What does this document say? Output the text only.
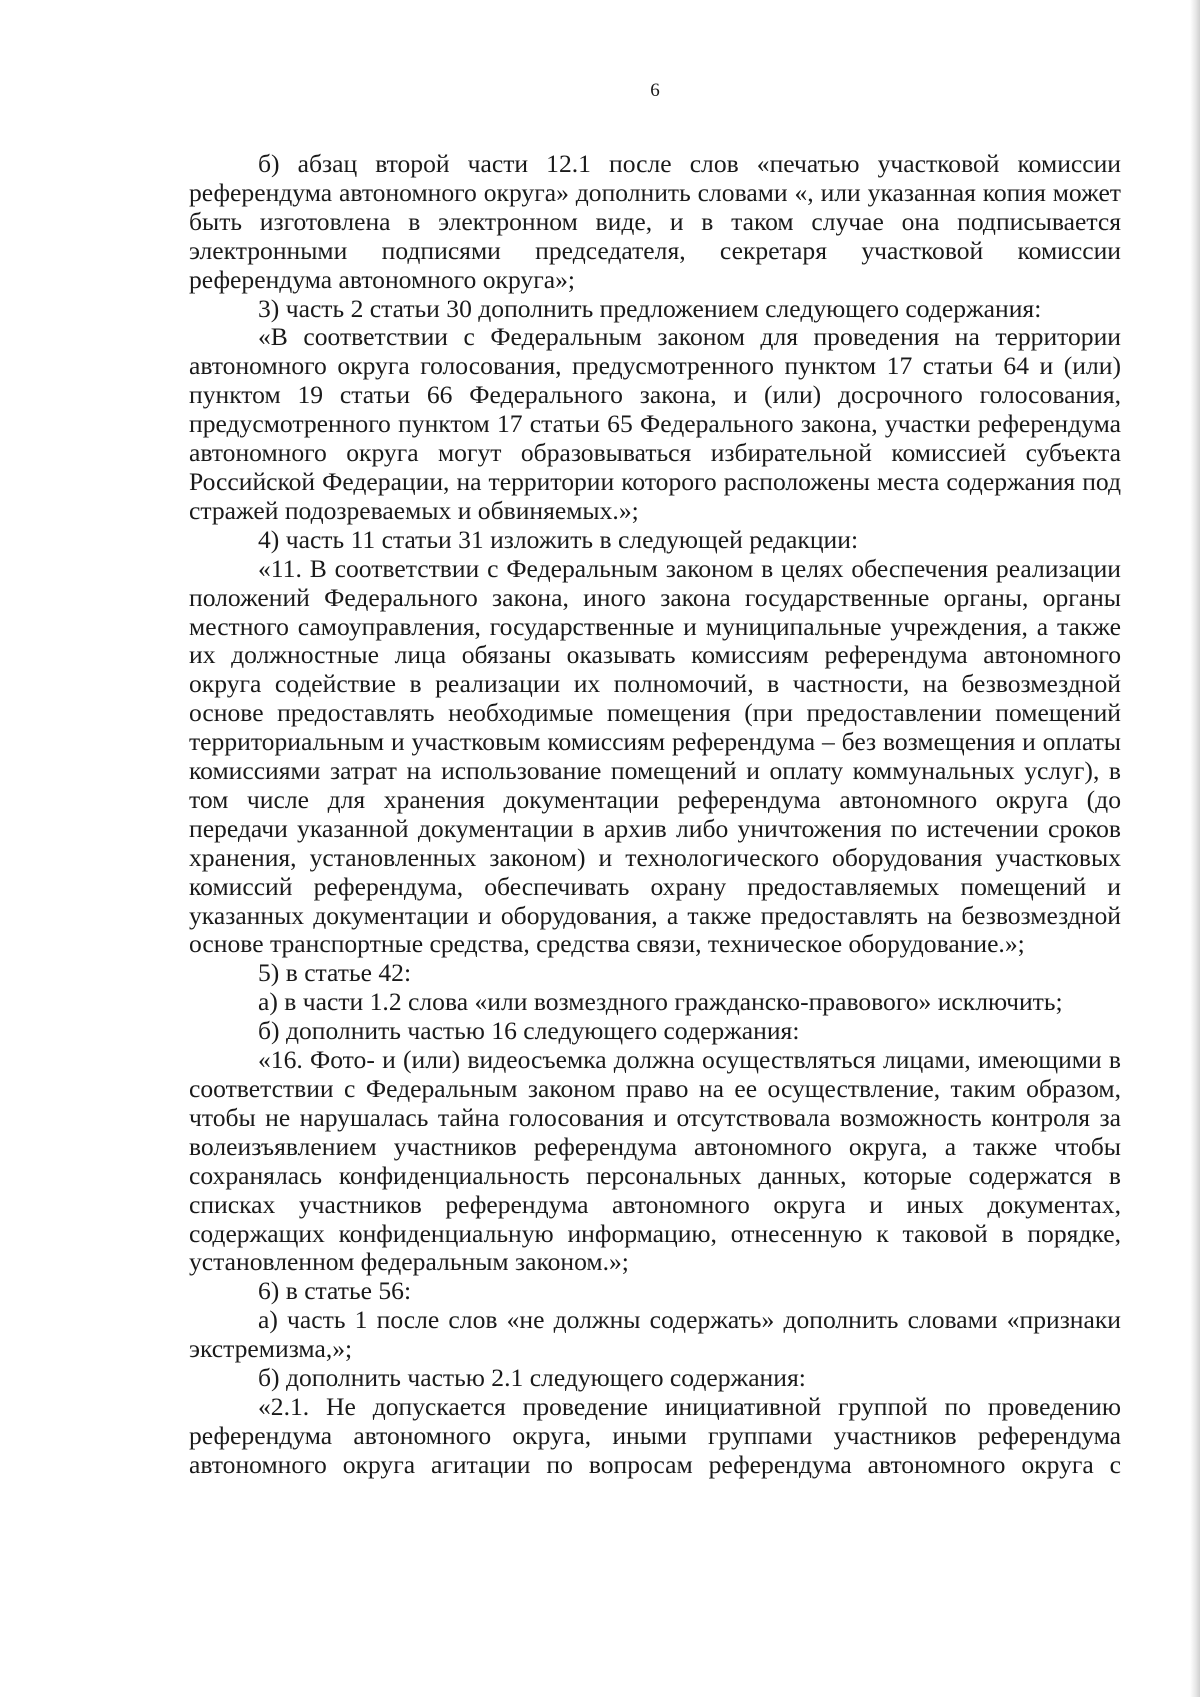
6

б) абзац второй части 12.1 после слов «печатью участковой комиссии референдума автономного округа» дополнить словами «, или указанная копия может быть изготовлена в электронном виде, и в таком случае она подписывается электронными подписями председателя, секретаря участковой комиссии референдума автономного округа»;

3) часть 2 статьи 30 дополнить предложением следующего содержания:

«В соответствии с Федеральным законом для проведения на территории автономного округа голосования, предусмотренного пунктом 17 статьи 64 и (или) пунктом 19 статьи 66 Федерального закона, и (или) досрочного голосования, предусмотренного пунктом 17 статьи 65 Федерального закона, участки референдума автономного округа могут образовываться избирательной комиссией субъекта Российской Федерации, на территории которого расположены места содержания под стражей подозреваемых и обвиняемых.»;

4) часть 11 статьи 31 изложить в следующей редакции:

«11. В соответствии с Федеральным законом в целях обеспечения реализации положений Федерального закона, иного закона государственные органы, органы местного самоуправления, государственные и муниципальные учреждения, а также их должностные лица обязаны оказывать комиссиям референдума автономного округа содействие в реализации их полномочий, в частности, на безвозмездной основе предоставлять необходимые помещения (при предоставлении помещений территориальным и участковым комиссиям референдума – без возмещения и оплаты комиссиями затрат на использование помещений и оплату коммунальных услуг), в том числе для хранения документации референдума автономного округа (до передачи указанной документации в архив либо уничтожения по истечении сроков хранения, установленных законом) и технологического оборудования участковых комиссий референдума, обеспечивать охрану предоставляемых помещений и указанных документации и оборудования, а также предоставлять на безвозмездной основе транспортные средства, средства связи, техническое оборудование.»;

5) в статье 42:

а) в части 1.2 слова «или возмездного гражданско-правового» исключить;

б) дополнить частью 16 следующего содержания:

«16. Фото- и (или) видеосъемка должна осуществляться лицами, имеющими в соответствии с Федеральным законом право на ее осуществление, таким образом, чтобы не нарушалась тайна голосования и отсутствовала возможность контроля за волеизъявлением участников референдума автономного округа, а также чтобы сохранялась конфиденциальность персональных данных, которые содержатся в списках участников референдума автономного округа и иных документах, содержащих конфиденциальную информацию, отнесенную к таковой в порядке, установленном федеральным законом.»;

6) в статье 56:

а) часть 1 после слов «не должны содержать» дополнить словами «признаки экстремизма,»;

б) дополнить частью 2.1 следующего содержания:

«2.1. Не допускается проведение инициативной группой по проведению референдума автономного округа, иными группами участников референдума автономного округа агитации по вопросам референдума автономного округа с
